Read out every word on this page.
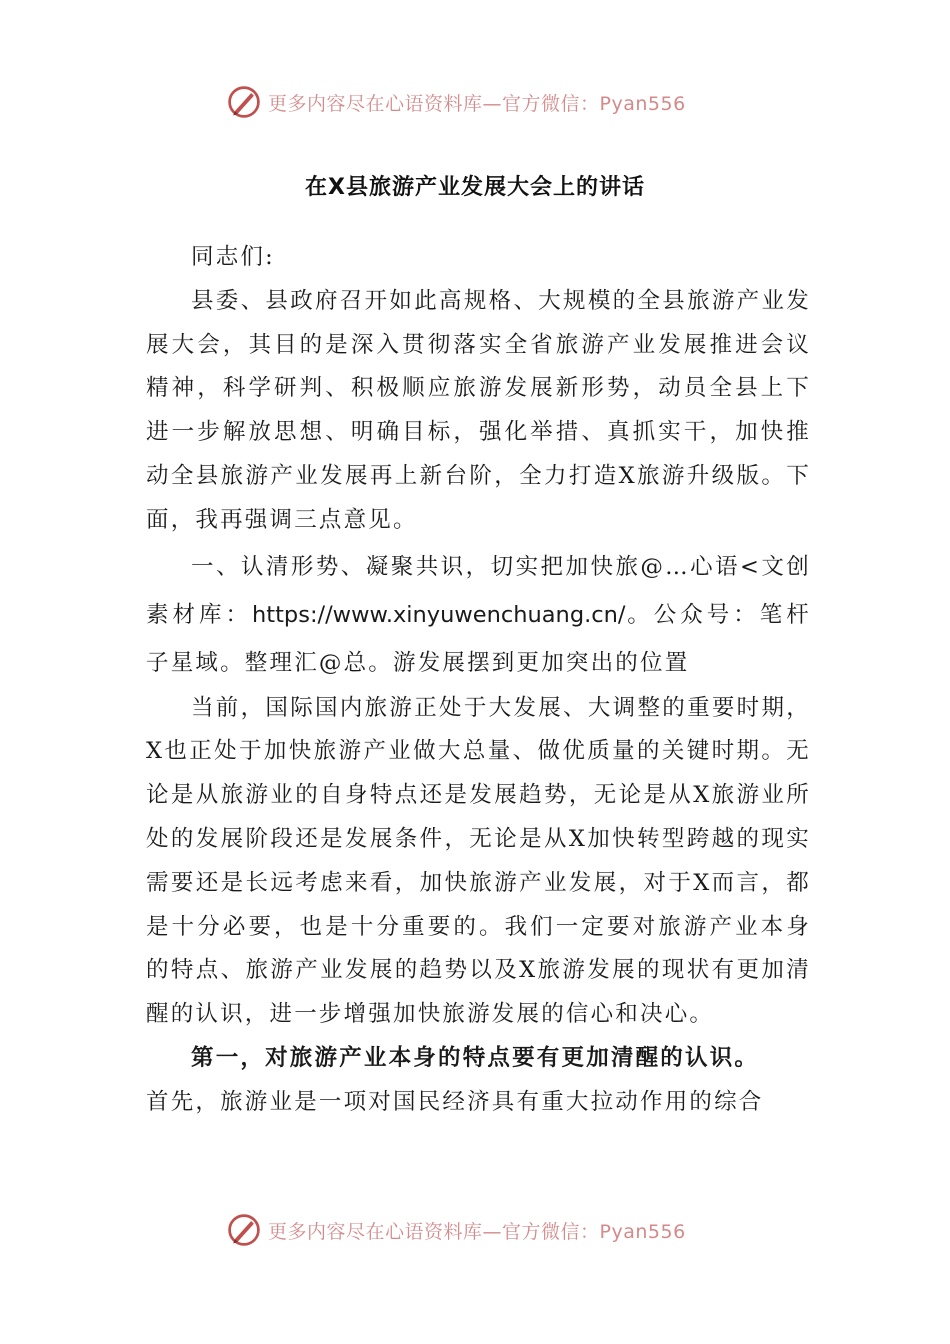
更多内容尽在心语资料库—官方微信：Pyan556
在X县旅游产业发展大会上的讲话

同志们:

县委、县政府召开如此高规格、大规模的全县旅游产业发展大会，其目的是深入贯彻落实全省旅游产业发展推进会议精神，科学研判、积极顺应旅游发展新形势，动员全县上下进一步解放思想、明确目标，强化举措、真抓实干，加快推动全县旅游产业发展再上新台阶，全力打造X旅游升级版。下面，我再强调三点意见。

一、认清形势、凝聚共识，切实把加快旅@…心语<文创素材库：https://www.xinyuwenchuang.cn/。公众号：笔杆子星域。整理汇@总。游发展摆到更加突出的位置

当前，国际国内旅游正处于大发展、大调整的重要时期，X也正处于加快旅游产业做大总量、做优质量的关键时期。无论是从旅游业的自身特点还是发展趋势，无论是从X旅游业所处的发展阶段还是发展条件，无论是从X加快转型跨越的现实需要还是长远考虑来看，加快旅游产业发展，对于X而言，都是十分必要，也是十分重要的。我们一定要对旅游产业本身的特点、旅游产业发展的趋势以及X旅游发展的现状有更加清醒的认识，进一步增强加快旅游发展的信心和决心。

第一，对旅游产业本身的特点要有更加清醒的认识。

首先，旅游业是一项对国民经济具有重大拉动作用的综合

更多内容尽在心语资料库—官方微信：Pyan556
